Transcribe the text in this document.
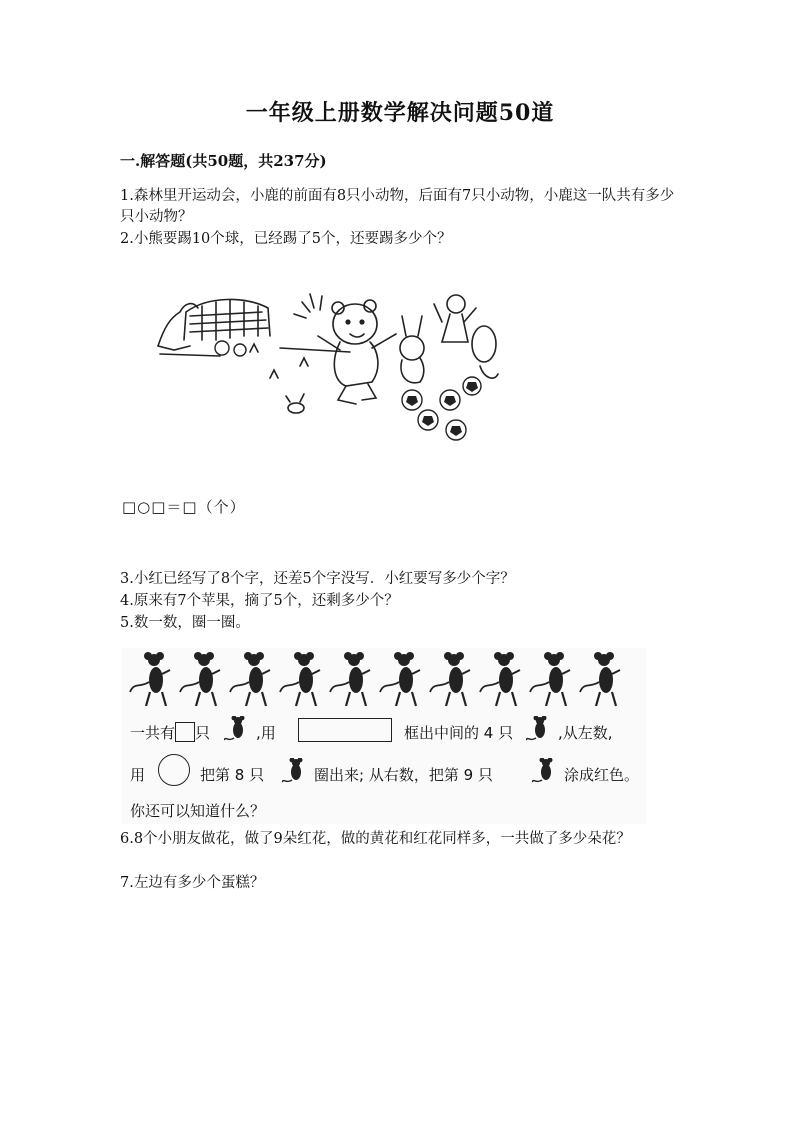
一年级上册数学解决问题50道
一.解答题(共50题，共237分)
1.森林里开运动会，小鹿的前面有8只小动物，后面有7只小动物，小鹿这一队共有多少只小动物？
2.小熊要踢10个球，已经踢了5个，还要踢多少个？
□○□＝□（个）
3.小红已经写了8个字，还差5个字没写．小红要写多少个字？
4.原来有7个苹果，摘了5个，还剩多少个？
5.数一数，圈一圈。
一共有 只	,用	框出中间的 4 只	,从左数,
用	把第 8 只	圈出来; 从右数，把第 9 只	涂成红色。
你还可以知道什么？
6.8个小朋友做花，做了9朵红花，做的黄花和红花同样多，一共做了多少朵花？
7.左边有多少个蛋糕？
